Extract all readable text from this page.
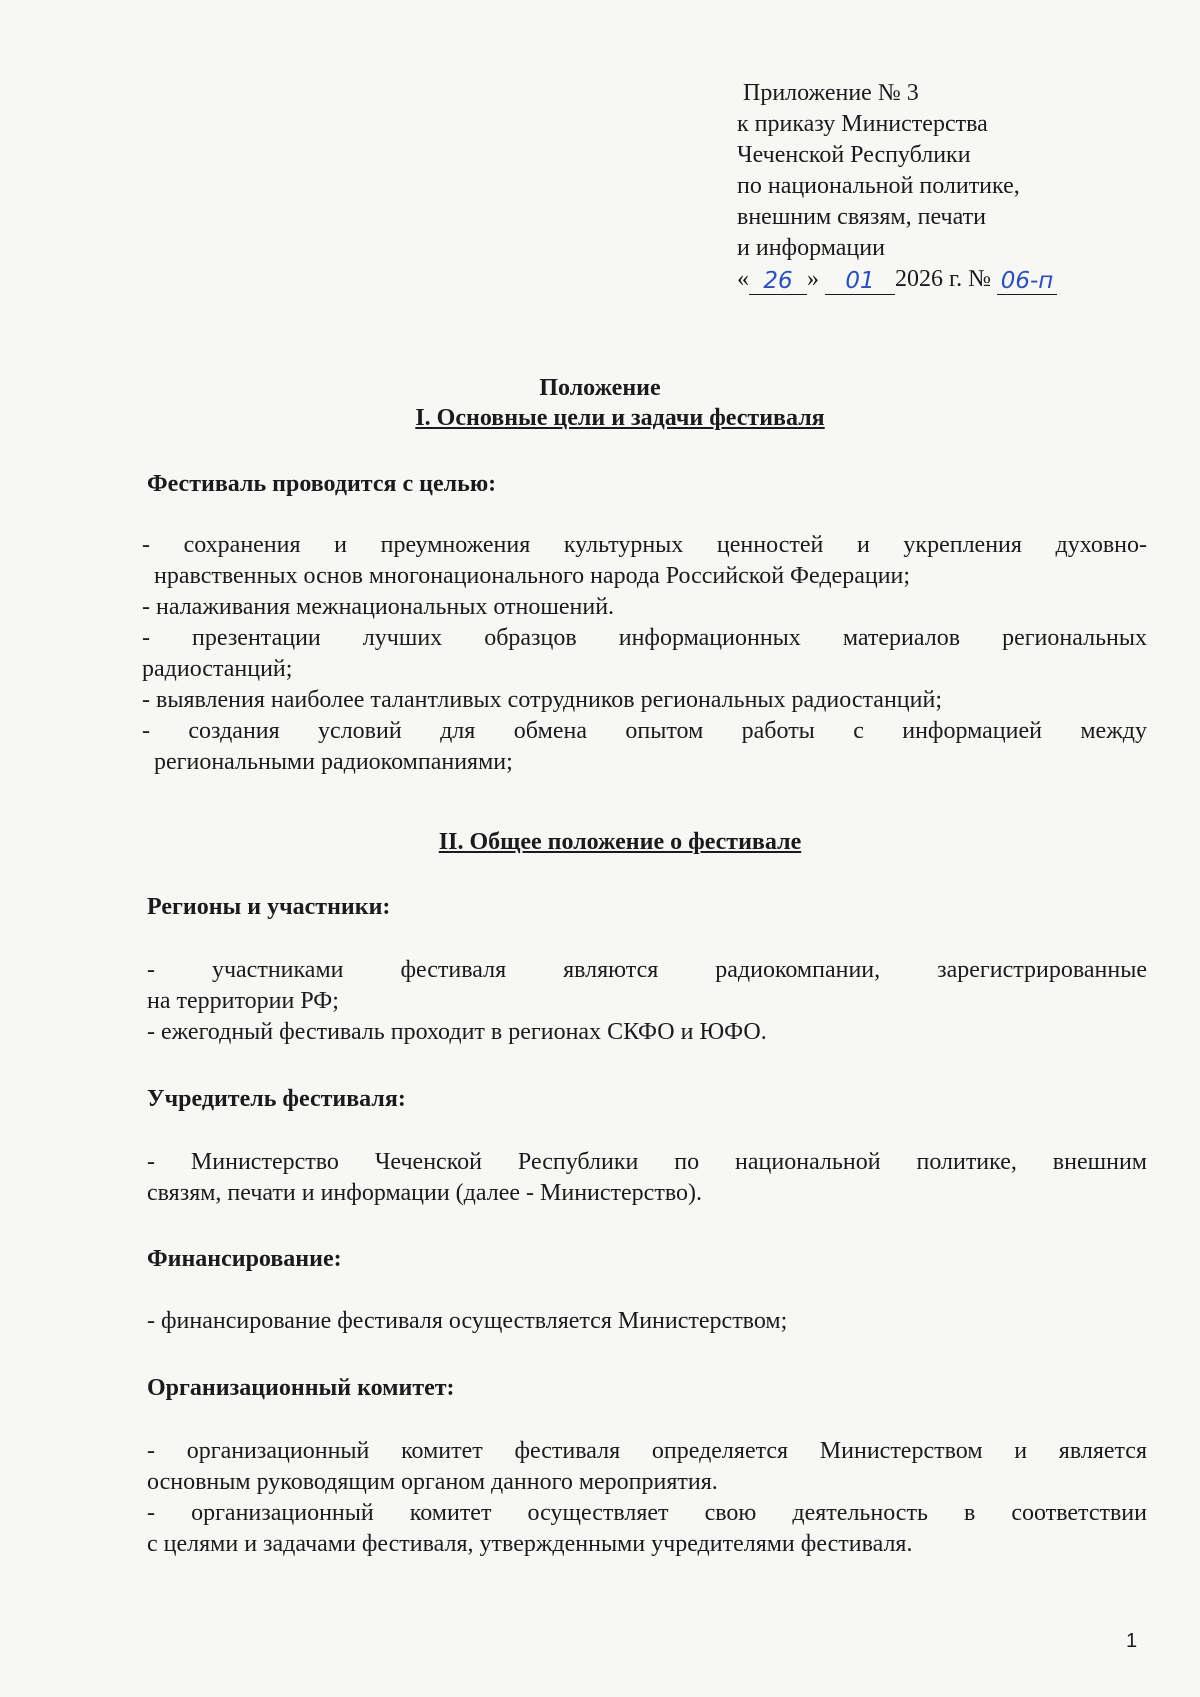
Приложение № 3
к приказу Министерства
Чеченской Республики
по национальной политике,
внешним связям, печати
и информации
« 26 » 01 2026 г. № 06-п
Положение
I. Основные цели и задачи фестиваля
Фестиваль проводится с целью:
- сохранения и преумножения культурных ценностей и укрепления духовно-
нравственных основ многонационального народа Российской Федерации;
- налаживания межнациональных отношений.
- презентации лучших образцов информационных материалов региональных
радиостанций;
- выявления наиболее талантливых сотрудников региональных радиостанций;
- создания условий для обмена опытом работы с информацией между
региональными радиокомпаниями;
II. Общее положение о фестивале
Регионы и участники:
- участниками фестиваля являются радиокомпании, зарегистрированные
на территории РФ;
- ежегодный фестиваль проходит в регионах СКФО и ЮФО.
Учредитель фестиваля:
- Министерство Чеченской Республики по национальной политике, внешним
связям, печати и информации (далее - Министерство).
Финансирование:
- финансирование фестиваля осуществляется Министерством;
Организационный комитет:
- организационный комитет фестиваля определяется Министерством и является
основным руководящим органом данного мероприятия.
- организационный комитет осуществляет свою деятельность в соответствии
с целями и задачами фестиваля, утвержденными учредителями фестиваля.
1
